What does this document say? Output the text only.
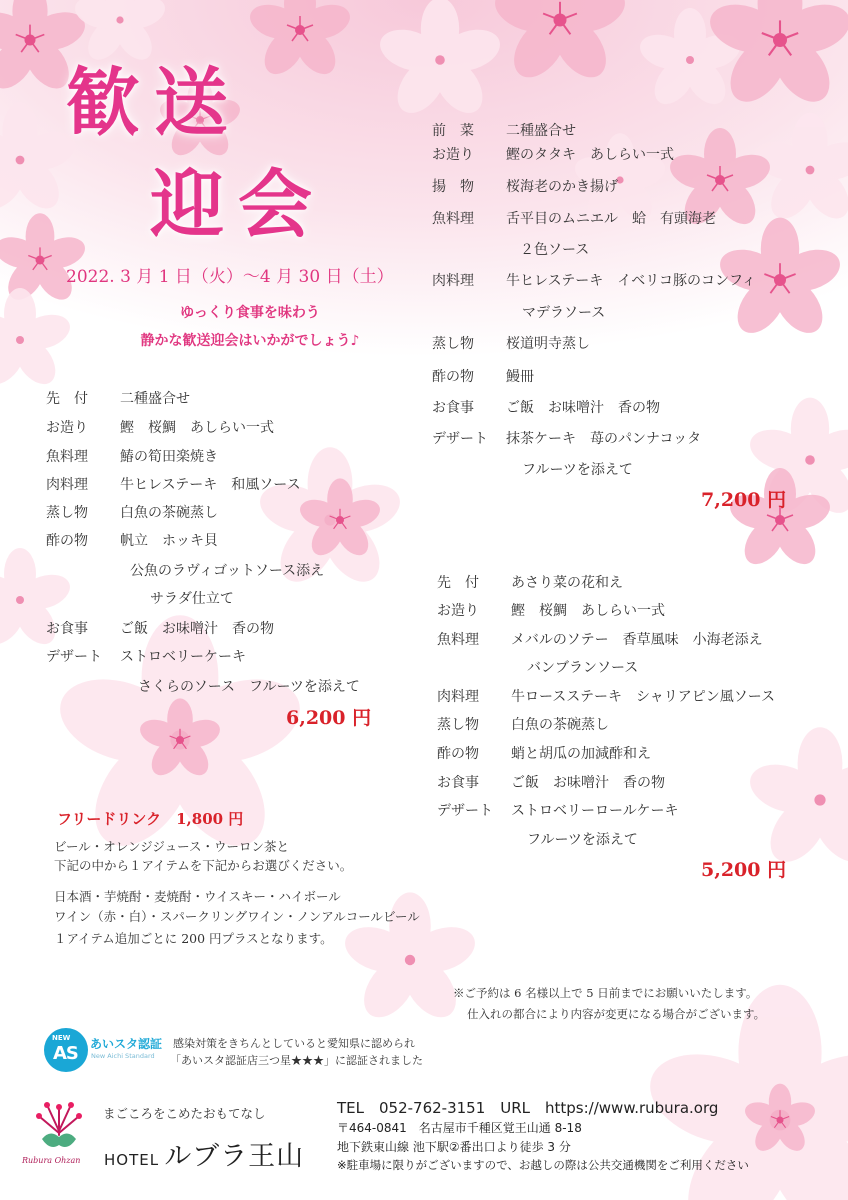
歓送
迎会
2022. 3 月 1 日（火）～4 月 30 日（土）
ゆっくり食事を味わう
静かな歓送迎会はいかがでしょう♪
先　付 二種盛合せ
お造り 鰹　桜鯛　あしらい一式
魚料理 鰆の筍田楽焼き
肉料理 牛ヒレステーキ　和風ソース
蒸し物 白魚の茶碗蒸し
酢の物 帆立　ホッキ貝
公魚のラヴィゴットソース添え
サラダ仕立て
お食事 ご飯　お味噌汁　香の物
デザート ストロベリーケーキ
さくらのソース　フルーツを添えて
6,200 円
前　菜 二種盛合せ
お造り 鰹のタタキ　あしらい一式
揚　物 桜海老のかき揚げ
魚料理 舌平目のムニエル　蛤　有頭海老
２色ソース
肉料理 牛ヒレステーキ　イベリコ豚のコンフィ
マデラソース
蒸し物 桜道明寺蒸し
酢の物 鰻冊
お食事 ご飯　お味噌汁　香の物
デザート 抹茶ケーキ　苺のパンナコッタ
フルーツを添えて
7,200 円
先　付 あさり菜の花和え
お造り 鰹　桜鯛　あしらい一式
魚料理 メバルのソテー　香草風味　小海老添え
バンブランソース
肉料理 牛ロースステーキ　シャリアピン風ソース
蒸し物 白魚の茶碗蒸し
酢の物 蛸と胡瓜の加減酢和え
お食事 ご飯　お味噌汁　香の物
デザート ストロベリーロールケーキ
フルーツを添えて
5,200 円
フリードリンク　1,800 円
ビール・オレンジジュース・ウーロン茶と
下記の中から１アイテムを下記からお選びください。
日本酒・芋焼酎・麦焼酎・ウイスキー・ハイボール
ワイン（赤・白）・スパークリングワイン・ノンアルコールビール
１アイテム追加ごとに 200 円プラスとなります。
※ご予約は 6 名様以上で 5 日前までにお願いいたします。
仕入れの都合により内容が変更になる場合がございます。
NEW
AS あいスタ認証
New Aichi Standard
感染対策をきちんとしていると愛知県に認められ
「あいスタ認証店三つ星★★★」に認証されました
Rubura Ohzan
まごころをこめたおもてなし
HOTEL ルブラ王山
TEL　052-762-3151　URL　https://www.rubura.org
〒464-0841　名古屋市千種区覚王山通 8-18
地下鉄東山線 池下駅②番出口より徒歩 3 分
※駐車場に限りがございますので、お越しの際は公共交通機関をご利用ください
